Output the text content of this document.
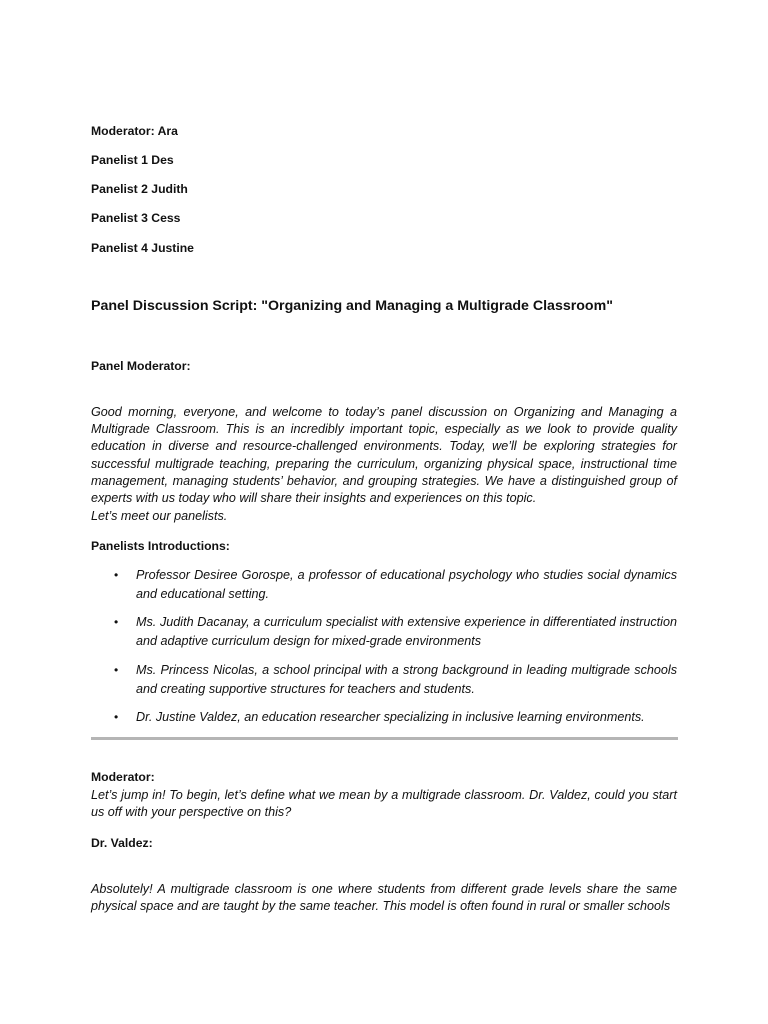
Moderator: Ara
Panelist 1 Des
Panelist 2 Judith
Panelist 3 Cess
Panelist 4 Justine
Panel Discussion Script: "Organizing and Managing a Multigrade Classroom"
Panel Moderator:
Good morning, everyone, and welcome to today’s panel discussion on Organizing and Managing a Multigrade Classroom. This is an incredibly important topic, especially as we look to provide quality education in diverse and resource-challenged environments. Today, we’ll be exploring strategies for successful multigrade teaching, preparing the curriculum, organizing physical space, instructional time management, managing students’ behavior, and grouping strategies. We have a distinguished group of experts with us today who will share their insights and experiences on this topic.
Let’s meet our panelists.
Panelists Introductions:
• Professor Desiree Gorospe, a professor of educational psychology who studies social dynamics and educational setting.
• Ms. Judith Dacanay, a curriculum specialist with extensive experience in differentiated instruction and adaptive curriculum design for mixed-grade environments
• Ms. Princess Nicolas, a school principal with a strong background in leading multigrade schools and creating supportive structures for teachers and students.
• Dr. Justine Valdez, an education researcher specializing in inclusive learning environments.
Moderator:
Let’s jump in! To begin, let’s define what we mean by a multigrade classroom. Dr. Valdez, could you start us off with your perspective on this?
Dr. Valdez:
Absolutely! A multigrade classroom is one where students from different grade levels share the same physical space and are taught by the same teacher. This model is often found in rural or smaller schools
